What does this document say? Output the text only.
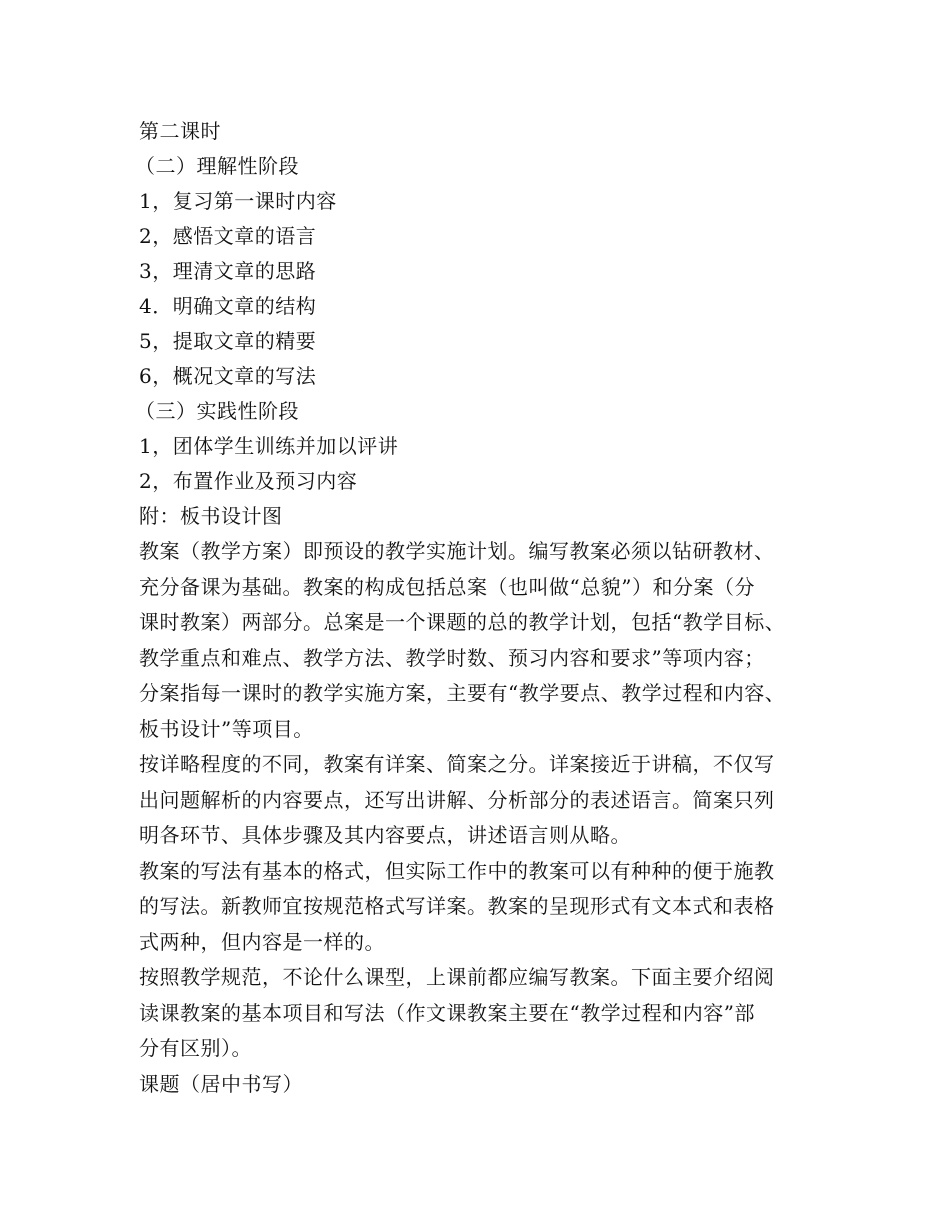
第二课时
（二）理解性阶段
1，复习第一课时内容
2，感悟文章的语言
3，理清文章的思路
4．明确文章的结构
5，提取文章的精要
6，概况文章的写法
（三）实践性阶段
1，团体学生训练并加以评讲
2，布置作业及预习内容
附：板书设计图
教案（教学方案）即预设的教学实施计划。编写教案必须以钻研教材、
充分备课为基础。教案的构成包括总案（也叫做“总貌”）和分案（分
课时教案）两部分。总案是一个课题的总的教学计划，包括“教学目标、
教学重点和难点、教学方法、教学时数、预习内容和要求”等项内容；
分案指每一课时的教学实施方案，主要有“教学要点、教学过程和内容、
板书设计”等项目。
按详略程度的不同，教案有详案、简案之分。详案接近于讲稿，不仅写
出问题解析的内容要点，还写出讲解、分析部分的表述语言。简案只列
明各环节、具体步骤及其内容要点，讲述语言则从略。
教案的写法有基本的格式，但实际工作中的教案可以有种种的便于施教
的写法。新教师宜按规范格式写详案。教案的呈现形式有文本式和表格
式两种，但内容是一样的。
按照教学规范，不论什么课型，上课前都应编写教案。下面主要介绍阅
读课教案的基本项目和写法（作文课教案主要在“教学过程和内容”部
分有区别）。
课题（居中书写）
